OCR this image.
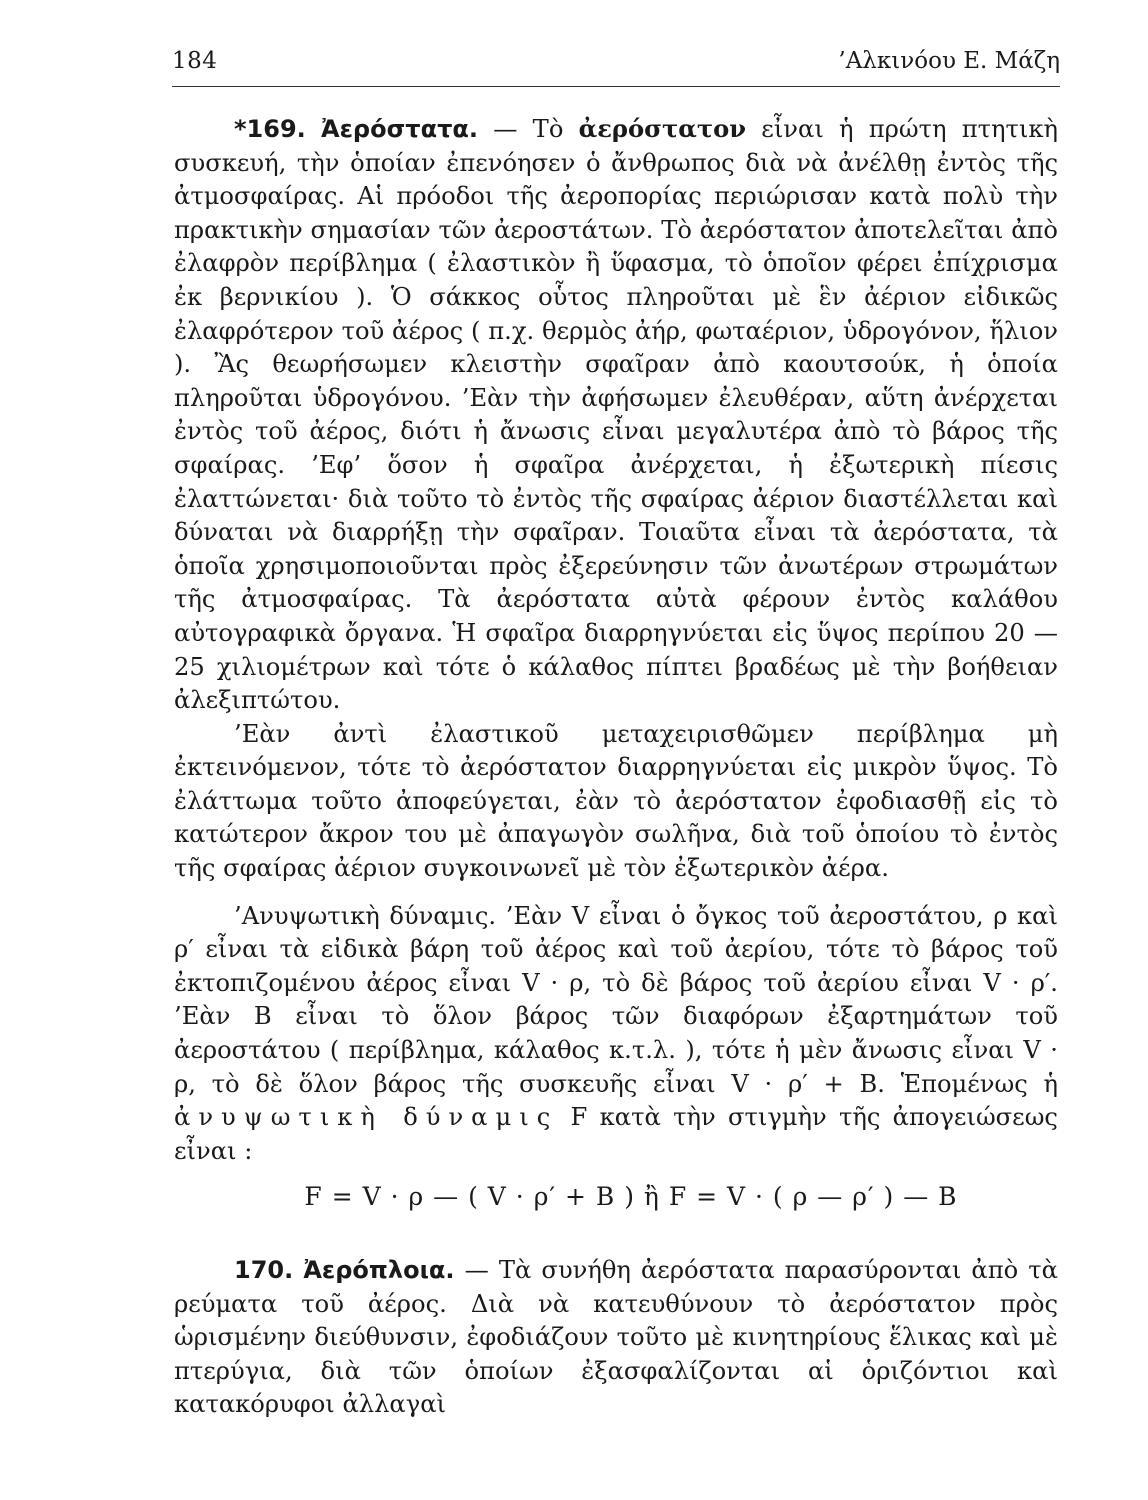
184	’Αλκινόου Ε. Μάζη

*169. Ἀερόστατα. — Τὸ ἀερόστατον εἶναι ἡ πρώτη πτητικὴ συσκευή, τὴν ὁποίαν ἐπενόησεν ὁ ἄνθρωπος διὰ νὰ ἀνέλθῃ ἐντὸς τῆς ἀτμοσφαίρας. Αἱ πρόοδοι τῆς ἀεροπορίας περιώρισαν κατὰ πολὺ τὴν πρακτικὴν σημασίαν τῶν ἀεροστάτων. Τὸ ἀερόστατον ἀποτελεῖται ἀπὸ ἐλαφρὸν περίβλημα ( ἐλαστικὸν ἢ ὕφασμα, τὸ ὁποῖον φέρει ἐπίχρισμα ἐκ βερνικίου ). Ὁ σάκκος οὗτος πληροῦται μὲ ἓν ἀέριον εἰδικῶς ἐλαφρότερον τοῦ ἀέρος ( π.χ. θερμὸς ἀήρ, φωταέριον, ὑδρογόνον, ἥλιον ). Ἂς θεωρήσωμεν κλειστὴν σφαῖραν ἀπὸ καουτσούκ, ἡ ὁποία πληροῦται ὑδρογόνου. ’Εὰν τὴν ἀφήσωμεν ἐλευθέραν, αὕτη ἀνέρχεται ἐντὸς τοῦ ἀέρος, διότι ἡ ἄνωσις εἶναι μεγαλυτέρα ἀπὸ τὸ βάρος τῆς σφαίρας. ’Εφ’ ὅσον ἡ σφαῖρα ἀνέρχεται, ἡ ἐξωτερικὴ πίεσις ἐλαττώνεται· διὰ τοῦτο τὸ ἐντὸς τῆς σφαίρας ἀέριον διαστέλλεται καὶ δύναται νὰ διαρρήξῃ τὴν σφαῖραν. Τοιαῦτα εἶναι τὰ ἀερόστατα, τὰ ὁποῖα χρησιμοποιοῦνται πρὸς ἐξερεύνησιν τῶν ἀνωτέρων στρωμάτων τῆς ἀτμοσφαίρας. Τὰ ἀερόστατα αὐτὰ φέρουν ἐντὸς καλάθου αὐτογραφικὰ ὄργανα. Ἡ σφαῖρα διαρρηγνύεται εἰς ὕψος περίπου 20 — 25 χιλιομέτρων καὶ τότε ὁ κάλαθος πίπτει βραδέως μὲ τὴν βοήθειαν ἀλεξιπτώτου.

’Εὰν ἀντὶ ἐλαστικοῦ μεταχειρισθῶμεν περίβλημα μὴ ἐκτεινόμενον, τότε τὸ ἀερόστατον διαρρηγνύεται εἰς μικρὸν ὕψος. Τὸ ἐλάττωμα τοῦτο ἀποφεύγεται, ἐὰν τὸ ἀερόστατον ἐφοδιασθῇ εἰς τὸ κατώτερον ἄκρον του μὲ ἀπαγωγὸν σωλῆνα, διὰ τοῦ ὁποίου τὸ ἐντὸς τῆς σφαίρας ἀέριον συγκοινωνεῖ μὲ τὸν ἐξωτερικὸν ἀέρα.

’Ανυψωτικὴ δύναμις. ’Εὰν V εἶναι ὁ ὄγκος τοῦ ἀεροστάτου, ρ καὶ ρ′ εἶναι τὰ εἰδικὰ βάρη τοῦ ἀέρος καὶ τοῦ ἀερίου, τότε τὸ βάρος τοῦ ἐκτοπιζομένου ἀέρος εἶναι V · ρ, τὸ δὲ βάρος τοῦ ἀερίου εἶναι V · ρ′. ’Εὰν B εἶναι τὸ ὅλον βάρος τῶν διαφόρων ἐξαρτημάτων τοῦ ἀεροστάτου ( περίβλημα, κάλαθος κ.τ.λ. ), τότε ἡ μὲν ἄνωσις εἶναι V · ρ, τὸ δὲ ὅλον βάρος τῆς συσκευῆς εἶναι V · ρ′ + B. Ἑπομένως ἡ ἀνυψωτικὴ δύναμις F κατὰ τὴν στιγμὴν τῆς ἀπογειώσεως εἶναι :

F = V · ρ — ( V · ρ′ + B ) ἢ F = V · ( ρ — ρ′ ) — B

170. Ἀερόπλοια. — Τὰ συνήθη ἀερόστατα παρασύρονται ἀπὸ τὰ ρεύματα τοῦ ἀέρος. Διὰ νὰ κατευθύνουν τὸ ἀερόστατον πρὸς ὡρισμένην διεύθυνσιν, ἐφοδιάζουν τοῦτο μὲ κινητηρίους ἕλικας καὶ μὲ πτερύγια, διὰ τῶν ὁποίων ἐξασφαλίζονται αἱ ὁριζόντιοι καὶ κατακόρυφοι ἀλλαγαὶ
